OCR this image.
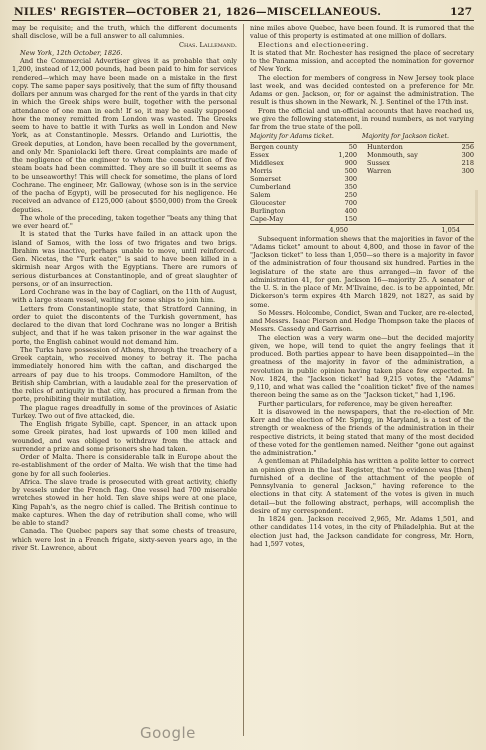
NILES' REGISTER—OCTOBER 21, 1826—MISCELLANEOUS.	127

may be requisite; and the truth, which the different documents shall disclose, will be a full answer to all calumnies.

Chas. Lallemand.

New York, 12th October, 1826.

And the Commercial Advertiser gives it as probable that only 1,200, instead of 12,000 pounds, had been paid to him for services rendered—which may have been made on a mistake in the first copy. The same paper says positively, that the sum of fifty thousand dollars per annum was charged for the rent of the yards in that city in which the Greek ships were built, together with the personal attendance of one man in each! If so, it may be easily supposed how the money remitted from London was wasted. The Greeks seem to have to battle it with Turks as well in London and New York, as at Constantinople. Messrs. Orlando and Luriottis, the Greek deputies, at London, have been recalled by the government, and only Mr. Spaniolacki left there. Great complaints are made of the negligence of the engineer to whom the construction of five steam boats had been committed. They are so ill built it seems as to be unseaworthy! This will check for sometime, the plans of lord Cochrane. The engineer, Mr. Galloway, (whose son is in the service of the pacha of Egypt), will be prosecuted for his negligence. He received an advance of £125,000 (about $550,000) from the Greek deputies.

The whole of the preceding, taken together "beats any thing that we ever heard of."

It is stated that the Turks have failed in an attack upon the island of Samos, with the loss of two frigates and two brigs. Ibrahim was inactive, perhaps unable to move, until reinforced. Gen. Nicetas, the "Turk eater," is said to have been killed in a skirmish near Argos with the Egyptians. There are rumors of serious disturbances at Constantinople, and of great slaughter of persons, or of an insurrection.

Lord Cochrane was in the bay of Cagliari, on the 11th of August, with a large steam vessel, waiting for some ships to join him.

Letters from Constantinople state, that Stratford Canning, in order to quiet the discontents of the Turkish government, has declared to the divan that lord Cochrane was no longer a British subject, and that if he was taken prisoner in the war against the porte, the English cabinet would not demand him.

The Turks have possession of Athens, through the treachery of a Greek captain, who received money to betray it. The pacha immediately honored him with the caftan, and discharged the arrears of pay due to his troops. Commodore Hamilton, of the British ship Cambrian, with a laudable zeal for the preservation of the relics of antiquity in that city, has procured a firman from the porte, prohibiting their mutilation.

The plague rages dreadfully in some of the provinces of Asiatic Turkey. Two out of five attacked, die.

The English frigate Sybille, capt. Spencer, in an attack upon some Greek pirates, had lost upwards of 100 men killed and wounded, and was obliged to withdraw from the attack and surrender a prize and some prisoners she had taken.

Order of Malta. There is considerable talk in Europe about the re-establishment of the order of Malta. We wish that the time had gone by for all such fooleries.

Africa. The slave trade is prosecuted with great activity, chiefly by vessels under the French flag. One vessel had 700 miserable wretches stowed in her hold. Ten slave ships were at one place, King Papah's, as the negro chief is called. The British continue to make captures. When the day of retribution shall come, who will be able to stand?

Canada. The Quebec papers say that some chests of treasure, which were lost in a French frigate, sixty-seven years ago, in the river St. Lawrence, about

nine miles above Quebec, have been found. It is rumored that the value of this property is estimated at one million of dollars.

Elections and electioneering.

It is stated that Mr. Rochester has resigned the place of secretary to the Panama mission, and accepted the nomination for governor of New York.

The election for members of congress in New Jersey took place last week, and was decided contested on a preference for Mr. Adams or gen. Jackson, or, for or against the administration. The result is thus shown in the Newark, N. J. Sentinel of the 17th inst.

From the official and un-official accounts that have reached us, we give the following statement, in round numbers, as not varying far from the true state of the poll.

Majority for Adams ticket.	Majority for Jackson ticket.
Bergen county	50
Essex	1,200
Middlesex	900
Morris	500
Somerset	300
Cumberland	350
Salem	250
Gloucester	700
Burlington	400
Cape-May	150
Hunterdon	256
Monmouth, say	300
Sussex	218
Warren	300
4,950	1,054

Subsequent information shews that the majorities in favor of the "Adams ticket" amount to about 4,800, and those in favor of the "Jackson ticket" to less than 1,050—so there is a majority in favor of the administration of four thousand six hundred. Parties in the legislature of the state are thus arranged—in favor of the administration 41, for gen. Jackson 16—majority 25. A senator of the U. S. in the place of Mr. M'Ilvaine, dec. is to be appointed, Mr. Dickerson's term expires 4th March 1829, not 1827, as said by some.

So Messrs. Holcombe, Condict, Swan and Tucker, are re-elected, and Messrs. Isaac Pierson and Hedge Thompson take the places of Messrs. Cassedy and Garrison.

The election was a very warm one—but the decided majority given, we hope, will tend to quiet the angry feelings that it produced. Both parties appear to have been disappointed—in the greatness of the majority in favor of the administration, a revolution in public opinion having taken place few expected. In Nov. 1824, the "Jackson ticket" had 9,215 votes, the "Adams" 9,110, and what was called the "coalition ticket" five of the names thereon being the same as on the "Jackson ticket," had 1,196.

Further particulars, for reference, may be given hereafter.

It is disavowed in the newspapers, that the re-election of Mr. Kerr and the election of Mr. Sprigg, in Maryland, is a test of the strength or weakness of the friends of the administration in their respective districts, it being stated that many of the most decided of these voted for the gentlemen named. Neither "gone out against the administration."

A gentleman at Philadelphia has written a polite letter to correct an opinion given in the last Register, that "no evidence was [then] furnished of a decline of the attachment of the people of Pennsylvania to general Jackson," having reference to the elections in that city. A statement of the votes is given in much detail—but the following abstract, perhaps, will accomplish the desire of my correspondent.

In 1824 gen. Jackson received 2,965, Mr. Adams 1,501, and other candidates 114 votes, in the city of Philadelphia. But at the election just had, the Jackson candidate for congress, Mr. Horn, had 1,597 votes,

Google
